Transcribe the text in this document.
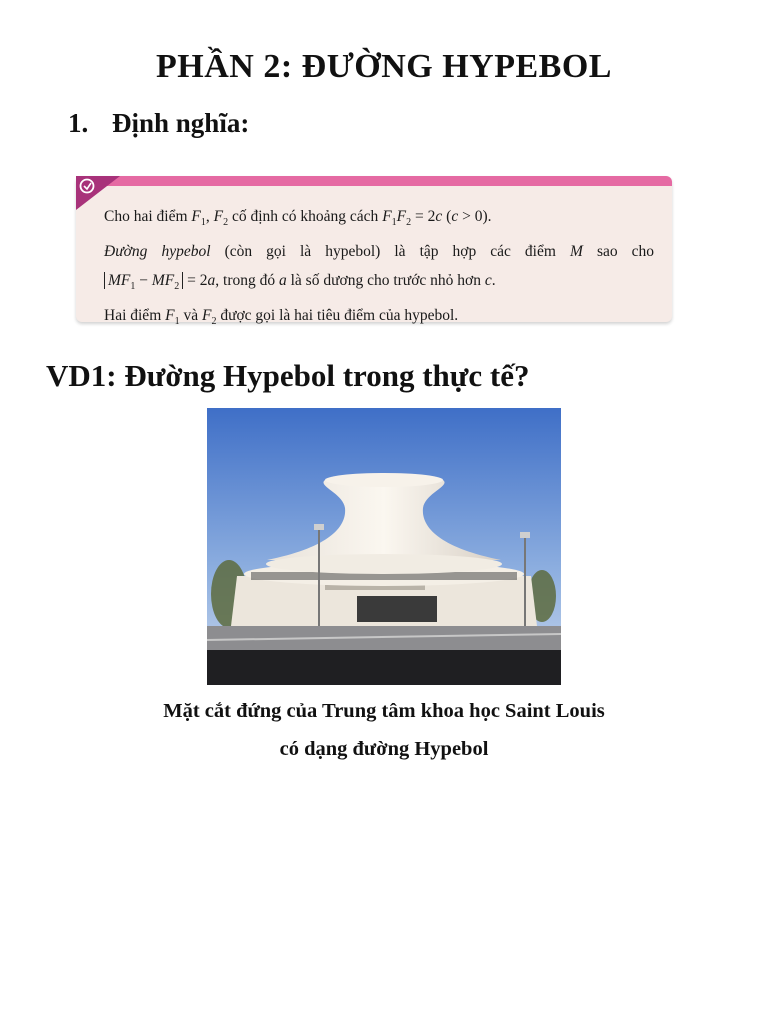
PHẦN 2: ĐƯỜNG HYPEBOL
1. Định nghĩa:
Cho hai điểm $F_1$, $F_2$ cố định có khoảng cách $F_1F_2 = 2c$ (c > 0).
Đường hypebol (còn gọi là hypebol) là tập hợp các điểm M sao cho
$MF_1 - MF_2 = 2a$, trong đó a là số dương cho trước nhỏ hơn c.
Hai điểm $F_1$ và $F_2$ được gọi là hai tiêu điểm của hypebol.
VD1: Đường Hypebol trong thực tế?
Mặt cắt đứng của Trung tâm khoa học Saint Louis
có dạng đường Hypebol
